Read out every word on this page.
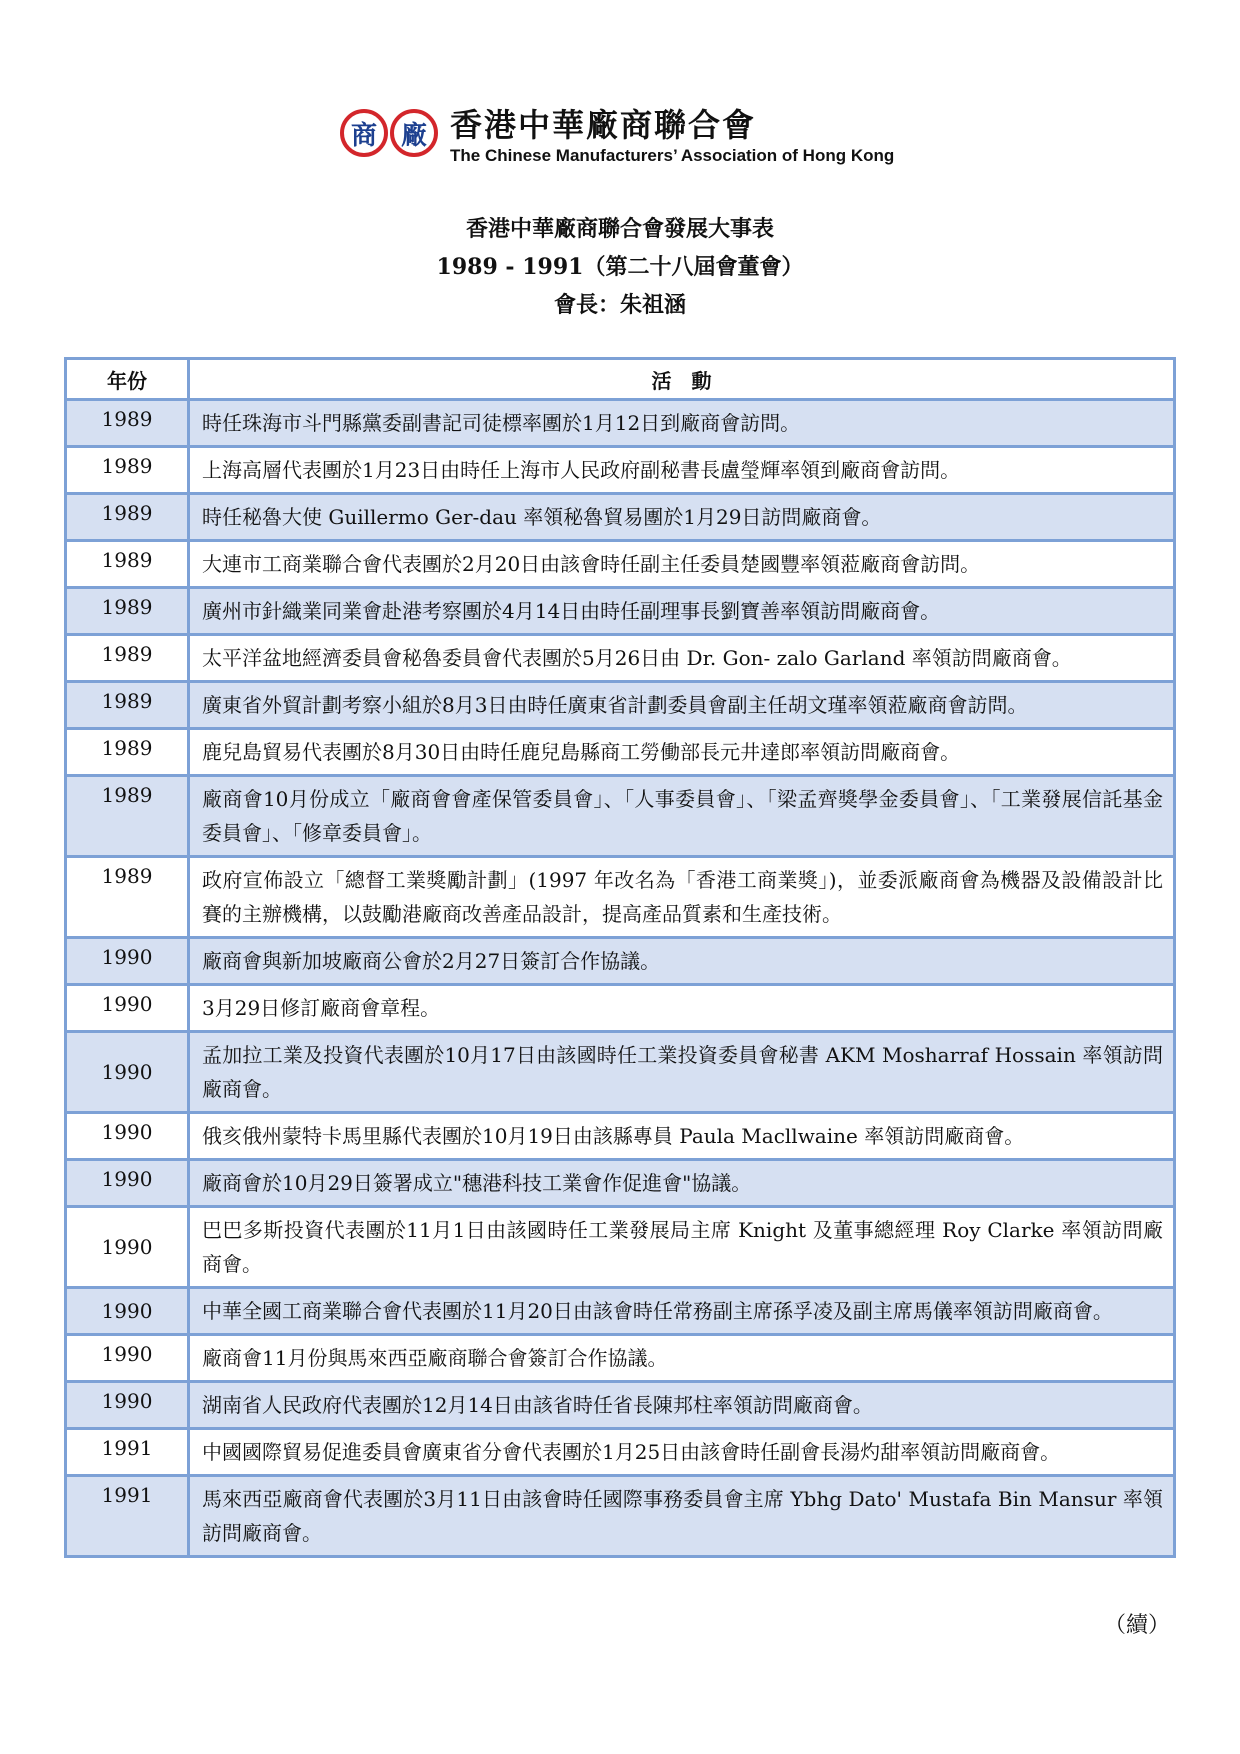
商 廠 香港中華廠商聯合會
The Chinese Manufacturers’ Association of Hong Kong
香港中華廠商聯合會發展大事表
1989 - 1991（第二十八屆會董會）
會長：朱祖涵
年份	活　動
1989	時任珠海市斗門縣黨委副書記司徒標率團於1月12日到廠商會訪問。
1989	上海高層代表團於1月23日由時任上海市人民政府副秘書長盧瑩輝率領到廠商會訪問。
1989	時任秘魯大使 Guillermo Ger-dau 率領秘魯貿易團於1月29日訪問廠商會。
1989	大連市工商業聯合會代表團於2月20日由該會時任副主任委員楚國豐率領蒞廠商會訪問。
1989	廣州市針織業同業會赴港考察團於4月14日由時任副理事長劉寶善率領訪問廠商會。
1989	太平洋盆地經濟委員會秘魯委員會代表團於5月26日由 Dr. Gon- zalo Garland 率領訪問廠商會。
1989	廣東省外貿計劃考察小組於8月3日由時任廣東省計劃委員會副主任胡文瑾率領蒞廠商會訪問。
1989	鹿兒島貿易代表團於8月30日由時任鹿兒島縣商工勞働部長元井達郎率領訪問廠商會。
1989	廠商會10月份成立「廠商會會產保管委員會」、「人事委員會」、「梁孟齊獎學金委員會」、「工業發展信託基金委員會」、「修章委員會」。
1989	政府宣佈設立「總督工業獎勵計劃」(1997 年改名為「香港工商業獎」)，並委派廠商會為機器及設備設計比賽的主辦機構，以鼓勵港廠商改善產品設計，提高產品質素和生產技術。
1990	廠商會與新加坡廠商公會於2月27日簽訂合作協議。
1990	3月29日修訂廠商會章程。
1990	孟加拉工業及投資代表團於10月17日由該國時任工業投資委員會秘書 AKM Mosharraf Hossain 率領訪問廠商會。
1990	俄亥俄州蒙特卡馬里縣代表團於10月19日由該縣專員 Paula Macllwaine 率領訪問廠商會。
1990	廠商會於10月29日簽署成立"穗港科技工業會作促進會"協議。
1990	巴巴多斯投資代表團於11月1日由該國時任工業發展局主席 Knight 及董事總經理 Roy Clarke 率領訪問廠商會。
1990	中華全國工商業聯合會代表團於11月20日由該會時任常務副主席孫孚凌及副主席馬儀率領訪問廠商會。
1990	廠商會11月份與馬來西亞廠商聯合會簽訂合作協議。
1990	湖南省人民政府代表團於12月14日由該省時任省長陳邦柱率領訪問廠商會。
1991	中國國際貿易促進委員會廣東省分會代表團於1月25日由該會時任副會長湯灼甜率領訪問廠商會。
1991	馬來西亞廠商會代表團於3月11日由該會時任國際事務委員會主席 Ybhg Dato' Mustafa Bin Mansur 率領訪問廠商會。
（續）
